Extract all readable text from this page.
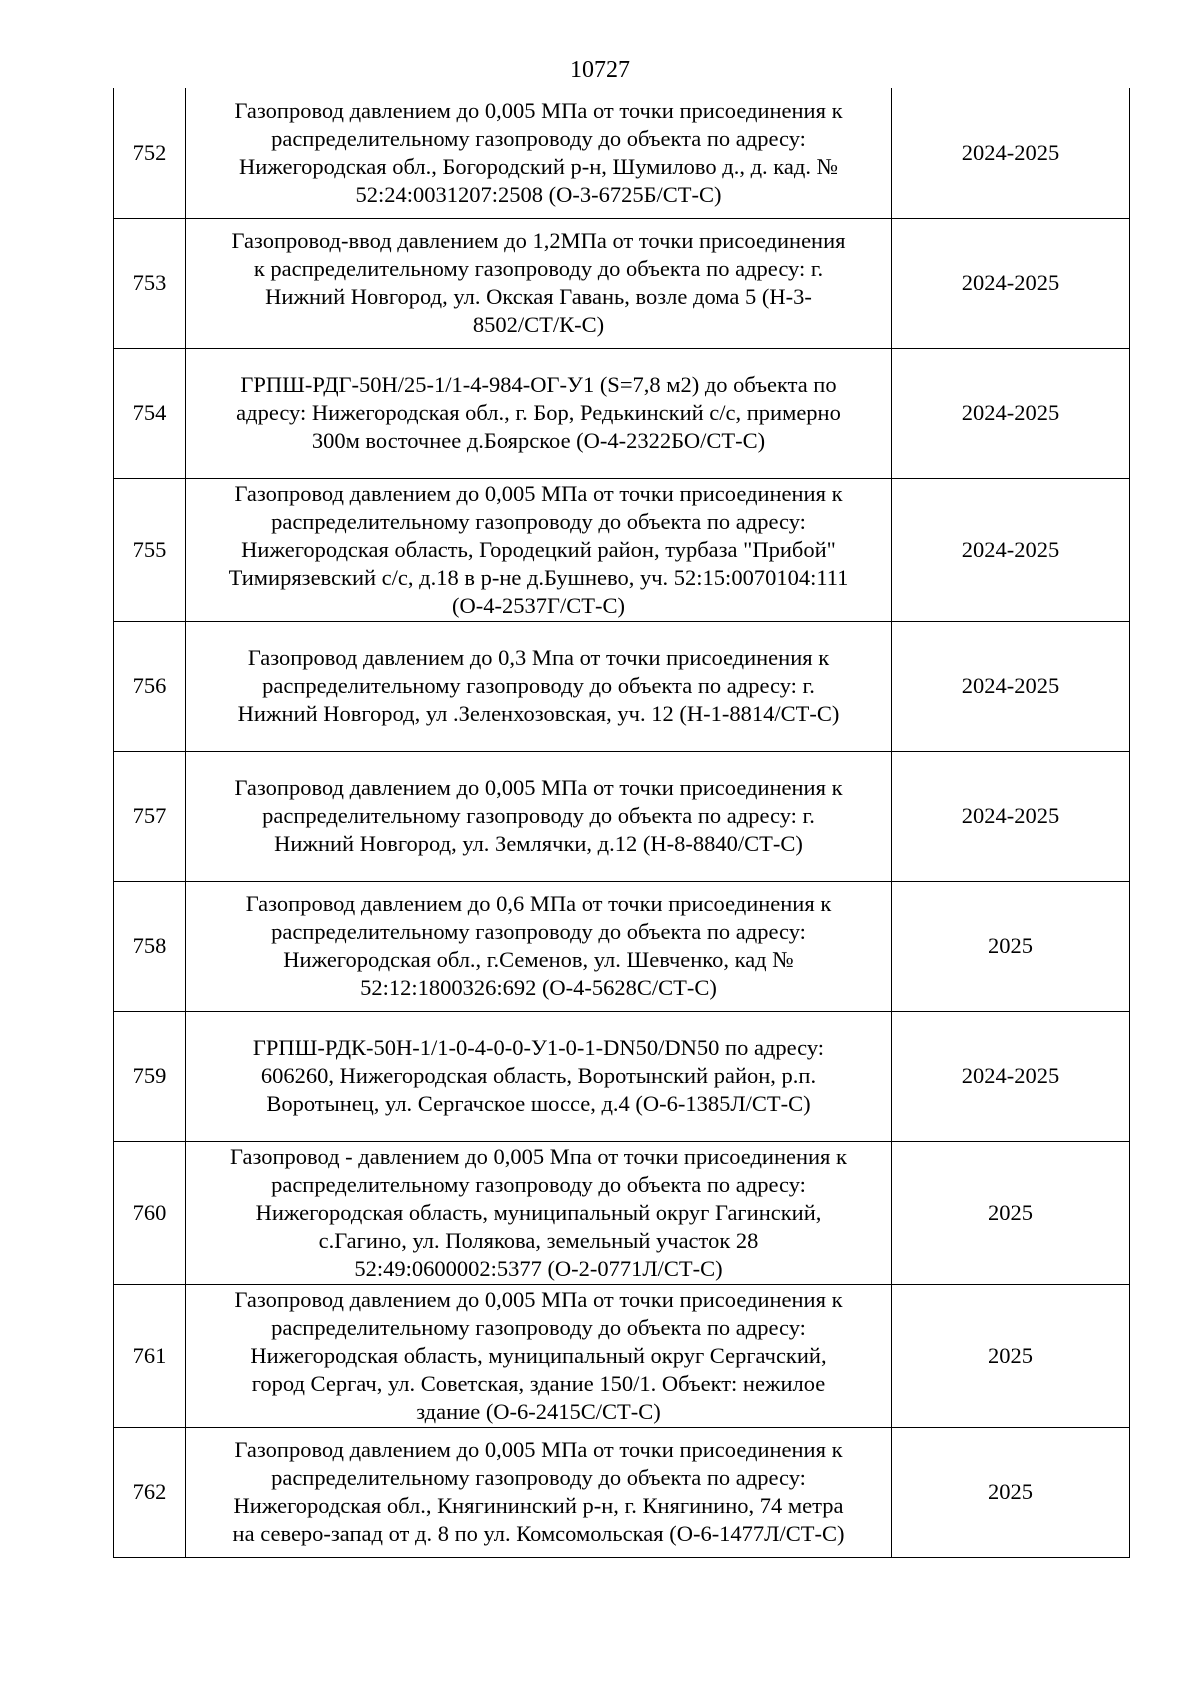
10727
752	Газопровод давлением до 0,005 МПа от точки присоединения к
распределительному газопроводу до объекта по адресу:
Нижегородская обл., Богородский р-н, Шумилово д., д. кад. №
52:24:0031207:2508 (О-3-6725Б/СТ-С)	2024-2025
753	Газопровод-ввод давлением до 1,2МПа от точки присоединения
к распределительному газопроводу до объекта по адресу: г.
Нижний Новгород, ул. Окская Гавань, возле дома 5 (Н-3-
8502/СТ/К-С)	2024-2025
754	ГРПШ-РДГ-50Н/25-1/1-4-984-ОГ-У1 (S=7,8 м2) до объекта по
адресу: Нижегородская обл., г. Бор, Редькинский с/с, примерно
300м восточнее д.Боярское (О-4-2322БО/СТ-С)	2024-2025
755	Газопровод давлением до 0,005 МПа от точки присоединения к
распределительному газопроводу до объекта по адресу:
Нижегородская область, Городецкий район, турбаза "Прибой"
Тимирязевский с/с, д.18 в р-не д.Бушнево, уч. 52:15:0070104:111
(О-4-2537Г/СТ-С)	2024-2025
756	Газопровод давлением до 0,3 Мпа от точки присоединения к
распределительному газопроводу до объекта по адресу: г.
Нижний Новгород, ул .Зеленхозовская, уч. 12 (Н-1-8814/СТ-С)	2024-2025
757	Газопровод давлением до 0,005 МПа от точки присоединения к
распределительному газопроводу до объекта по адресу: г.
Нижний Новгород, ул. Землячки, д.12 (Н-8-8840/СТ-С)	2024-2025
758	Газопровод давлением до 0,6 МПа от точки присоединения к
распределительному газопроводу до объекта по адресу:
Нижегородская обл., г.Семенов, ул. Шевченко, кад №
52:12:1800326:692 (О-4-5628С/СТ-С)	2025
759	ГРПШ-РДК-50Н-1/1-0-4-0-0-У1-0-1-DN50/DN50 по адресу:
606260, Нижегородская область, Воротынский район, р.п.
Воротынец, ул. Сергачское шоссе, д.4 (О-6-1385Л/СТ-С)	2024-2025
760	Газопровод - давлением до 0,005 Мпа от точки присоединения к
распределительному газопроводу до объекта по адресу:
Нижегородская область, муниципальный округ Гагинский,
с.Гагино, ул. Полякова, земельный участок 28
52:49:0600002:5377 (О-2-0771Л/СТ-С)	2025
761	Газопровод давлением до 0,005 МПа от точки присоединения к
распределительному газопроводу до объекта по адресу:
Нижегородская область, муниципальный округ Сергачский,
город Сергач, ул. Советская, здание 150/1. Объект: нежилое
здание (О-6-2415С/СТ-С)	2025
762	Газопровод давлением до 0,005 МПа от точки присоединения к
распределительному газопроводу до объекта по адресу:
Нижегородская обл., Княгининский р-н, г. Княгинино, 74 метра
на северо-запад от д. 8 по ул. Комсомольская (О-6-1477Л/СТ-С)	2025
